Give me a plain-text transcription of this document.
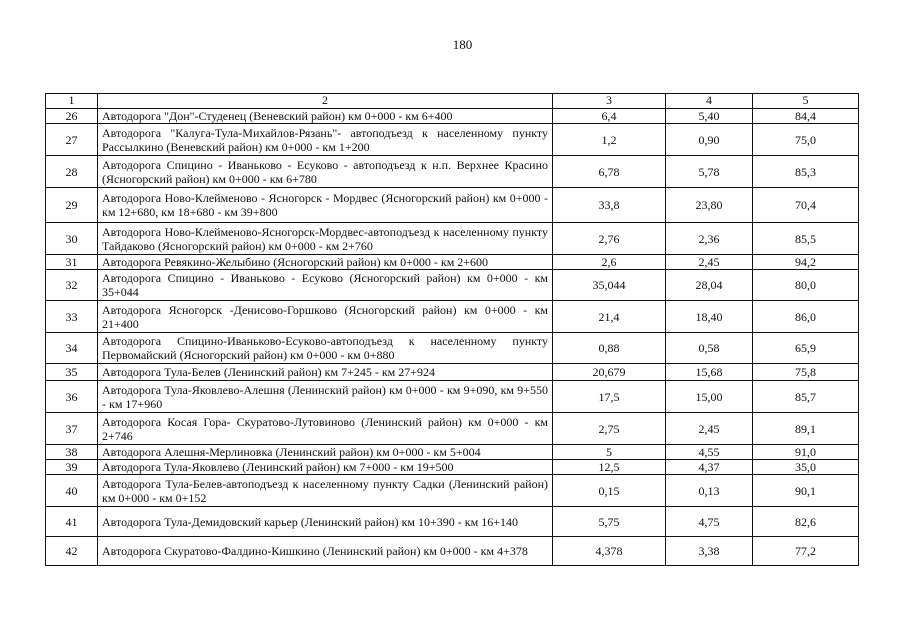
180
1	2	3	4	5
26	Автодорога "Дон"-Студенец (Веневский район) км 0+000 - км 6+400	6,4	5,40	84,4
27	Автодорога "Калуга-Тула-Михайлов-Рязань"- автоподъезд к населенному пункту Рассылкино (Веневский район) км 0+000 - км 1+200	1,2	0,90	75,0
28	Автодорога Спицино - Иваньково - Есуково - автоподъезд к н.п. Верхнее Красино (Ясногорский район) км 0+000 - км 6+780	6,78	5,78	85,3
29	Автодорога Ново-Клейменово - Ясногорск - Мордвес (Ясногорский район) км 0+000 - км 12+680, км 18+680 - км 39+800	33,8	23,80	70,4
30	Автодорога Ново-Клейменово-Ясногорск-Мордвес-автоподъезд к населенному пункту Тайдаково (Ясногорский район) км 0+000 - км 2+760	2,76	2,36	85,5
31	Автодорога Ревякино-Желыбино (Ясногорский район) км 0+000 - км 2+600	2,6	2,45	94,2
32	Автодорога Спицино - Иваньково - Есуково (Ясногорский район) км 0+000 - км 35+044	35,044	28,04	80,0
33	Автодорога Ясногорск -Денисово-Горшково (Ясногорский район) км 0+000 - км 21+400	21,4	18,40	86,0
34	Автодорога Спицино-Иваньково-Есуково-автоподъезд к населенному пункту Первомайский (Ясногорский район) км 0+000 - км 0+880	0,88	0,58	65,9
35	Автодорога Тула-Белев (Ленинский район) км 7+245 - км 27+924	20,679	15,68	75,8
36	Автодорога Тула-Яковлево-Алешня (Ленинский район) км 0+000 - км 9+090, км 9+550 - км 17+960	17,5	15,00	85,7
37	Автодорога Косая Гора- Скуратово-Лутовиново (Ленинский район) км 0+000 - км 2+746	2,75	2,45	89,1
38	Автодорога Алешня-Мерлиновка (Ленинский район) км 0+000 - км 5+004	5	4,55	91,0
39	Автодорога Тула-Яковлево (Ленинский район) км 7+000 - км 19+500	12,5	4,37	35,0
40	Автодорога Тула-Белев-автоподъезд к населенному пункту Садки (Ленинский район) км 0+000 - км 0+152	0,15	0,13	90,1
41	Автодорога Тула-Демидовский карьер (Ленинский район) км 10+390 - км 16+140	5,75	4,75	82,6
42	Автодорога Скуратово-Фалдино-Кишкино (Ленинский район) км 0+000 - км 4+378	4,378	3,38	77,2
